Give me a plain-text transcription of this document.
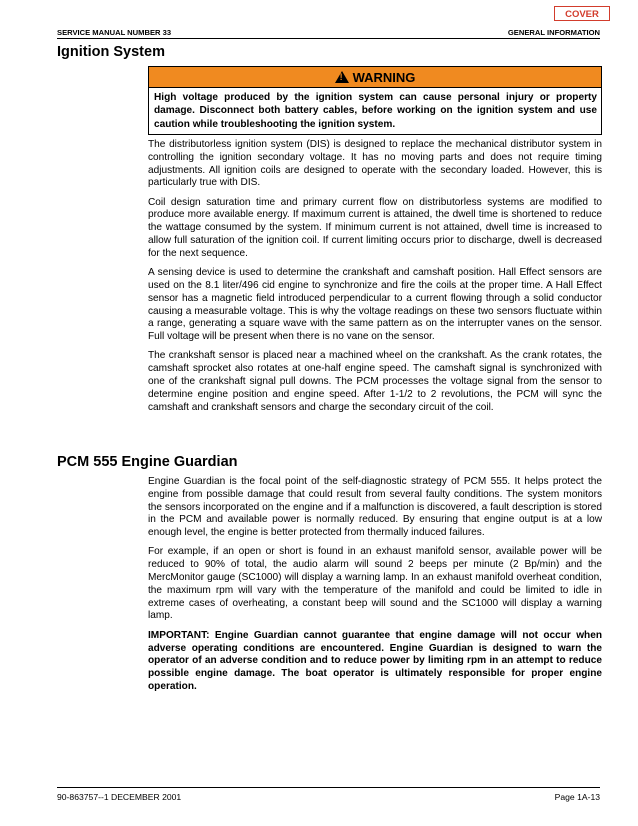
COVER
SERVICE MANUAL NUMBER 33	GENERAL INFORMATION
Ignition System
! WARNING
High voltage produced by the ignition system can cause personal injury or property damage. Disconnect both battery cables, before working on the ignition system and use caution while troubleshooting the ignition system.

The distributorless ignition system (DIS) is designed to replace the mechanical distributor system in controlling the ignition secondary voltage. It has no moving parts and does not require timing adjustments. All ignition coils are designed to operate with the secondary loaded. However, this is particularly true with DIS.

Coil design saturation time and primary current flow on distributorless systems are modified to produce more available energy. If maximum current is attained, the dwell time is shortened to reduce the wattage consumed by the system. If minimum current is not attained, dwell time is increased to allow full saturation of the ignition coil. If current limiting occurs prior to discharge, dwell is decreased for the next sequence.

A sensing device is used to determine the crankshaft and camshaft position. Hall Effect sensors are used on the 8.1 liter/496 cid engine to synchronize and fire the coils at the proper time. A Hall Effect sensor has a magnetic field introduced perpendicular to a current flowing through a solid conductor causing a measurable voltage. This is why the voltage readings on these two sensors fluctuate within a range, generating a square wave with the same pattern as on the interrupter vanes on the sensor. Full voltage will be present when there is no vane on the sensor.

The crankshaft sensor is placed near a machined wheel on the crankshaft. As the crank rotates, the camshaft sprocket also rotates at one-half engine speed. The camshaft signal is synchronized with one of the crankshaft signal pull downs. The PCM processes the voltage signal from the sensor to determine engine position and engine speed. After 1-1/2 to 2 revolutions, the PCM will sync the camshaft and crankshaft sensors and charge the secondary circuit of the coil.

PCM 555 Engine Guardian

Engine Guardian is the focal point of the self-diagnostic strategy of PCM 555. It helps protect the engine from possible damage that could result from several faulty conditions. The system monitors the sensors incorporated on the engine and if a malfunction is discovered, a fault description is stored in the PCM and available power is normally reduced. By ensuring that engine output is at a low enough level, the engine is better protected from thermally induced failures.

For example, if an open or short is found in an exhaust manifold sensor, available power will be reduced to 90% of total, the audio alarm will sound 2 beeps per minute (2 Bp/min) and the MercMonitor gauge (SC1000) will display a warning lamp. In an exhaust manifold overheat condition, the maximum rpm will vary with the temperature of the manifold and could be limited to idle in extreme cases of overheating, a constant beep will sound and the SC1000 will display a warning lamp.

IMPORTANT: Engine Guardian cannot guarantee that engine damage will not occur when adverse operating conditions are encountered. Engine Guardian is designed to warn the operator of an adverse condition and to reduce power by limiting rpm in an attempt to reduce possible engine damage. The boat operator is ultimately responsible for proper engine operation.

90-863757--1 DECEMBER 2001	Page 1A-13
